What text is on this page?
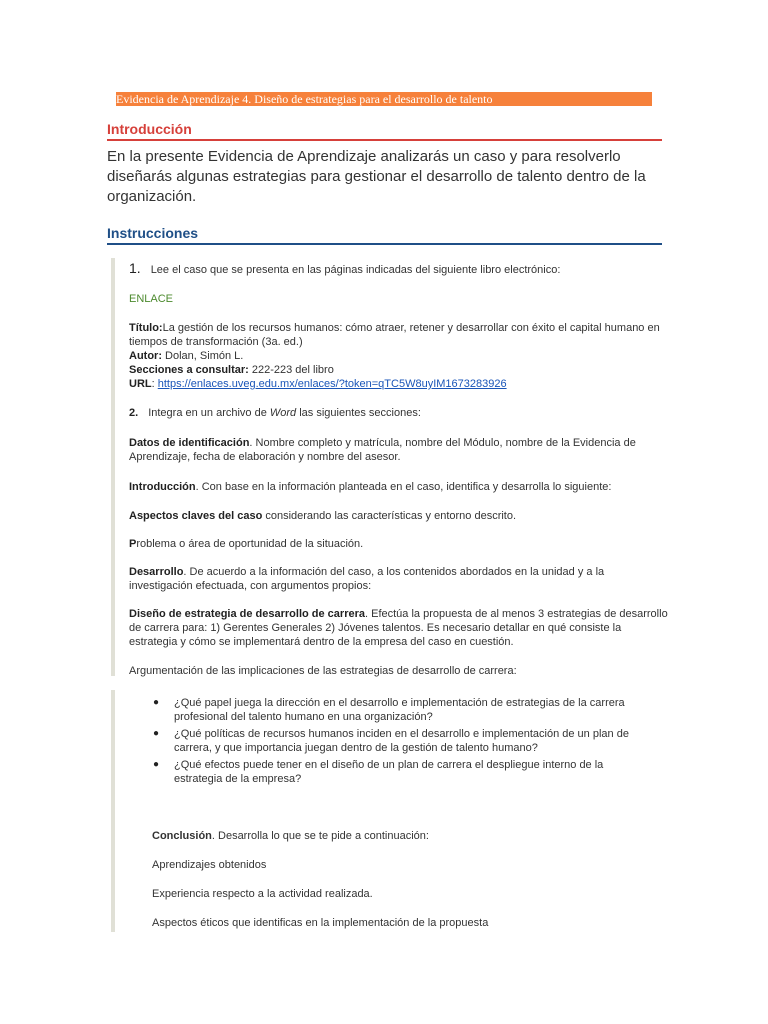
Evidencia de Aprendizaje 4. Diseño de estrategias para el desarrollo de talento
Introducción
En la presente Evidencia de Aprendizaje analizarás un caso y para resolverlo diseñarás algunas estrategias para gestionar el desarrollo de talento dentro de la organización.
Instrucciones
1. Lee el caso que se presenta en las páginas indicadas del siguiente libro electrónico:
ENLACE
Título:La gestión de los recursos humanos: cómo atraer, retener y desarrollar con éxito el capital humano en tiempos de transformación (3a. ed.)
Autor: Dolan, Simón L.
Secciones a consultar: 222-223 del libro
URL: https://enlaces.uveg.edu.mx/enlaces/?token=qTC5W8uyIM1673283926
2. Integra en un archivo de Word las siguientes secciones:
Datos de identificación. Nombre completo y matrícula, nombre del Módulo, nombre de la Evidencia de Aprendizaje, fecha de elaboración y nombre del asesor.
Introducción. Con base en la información planteada en el caso, identifica y desarrolla lo siguiente:
Aspectos claves del caso considerando las características y entorno descrito.
Problema o área de oportunidad de la situación.
Desarrollo. De acuerdo a la información del caso, a los contenidos abordados en la unidad y a la investigación efectuada, con argumentos propios:
Diseño de estrategia de desarrollo de carrera. Efectúa la propuesta de al menos 3 estrategias de desarrollo de carrera para: 1) Gerentes Generales 2) Jóvenes talentos. Es necesario detallar en qué consiste la estrategia y cómo se implementará dentro de la empresa del caso en cuestión.
Argumentación de las implicaciones de las estrategias de desarrollo de carrera:
● ¿Qué papel juega la dirección en el desarrollo e implementación de estrategias de la carrera profesional del talento humano en una organización?
● ¿Qué políticas de recursos humanos inciden en el desarrollo e implementación de un plan de carrera, y que importancia juegan dentro de la gestión de talento humano?
● ¿Qué efectos puede tener en el diseño de un plan de carrera el despliegue interno de la estrategia de la empresa?
Conclusión. Desarrolla lo que se te pide a continuación:
Aprendizajes obtenidos
Experiencia respecto a la actividad realizada.
Aspectos éticos que identificas en la implementación de la propuesta
